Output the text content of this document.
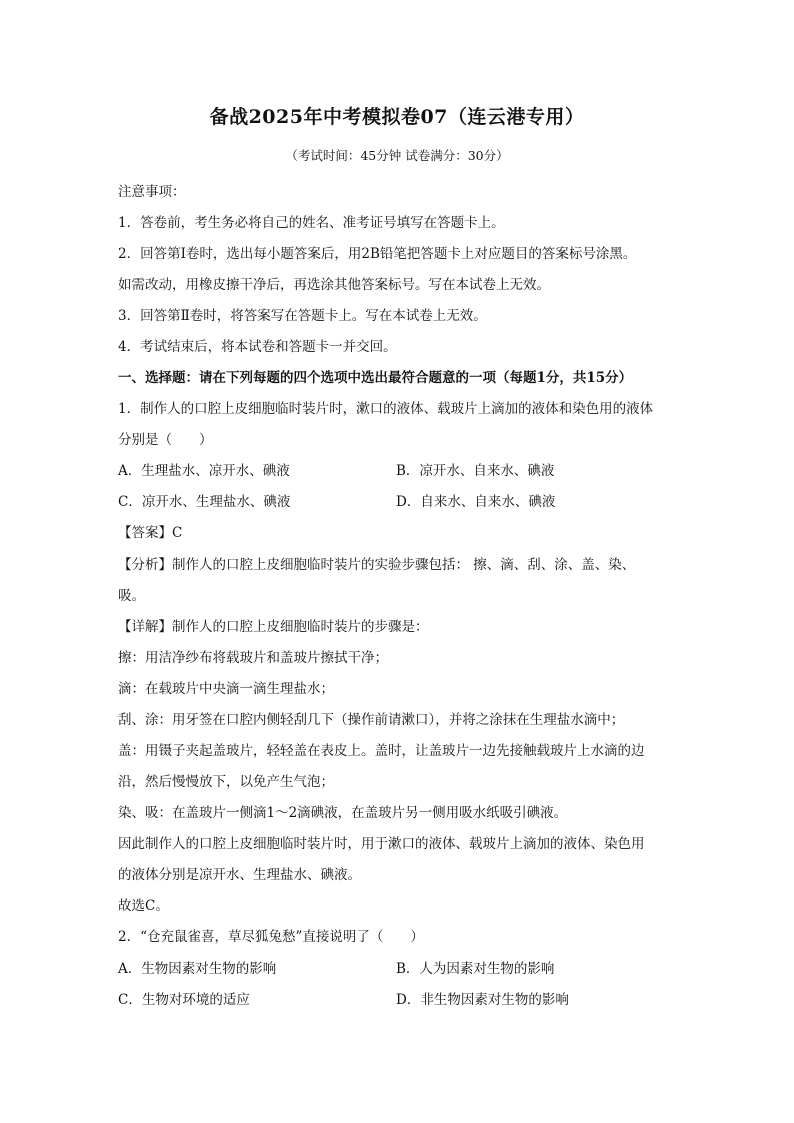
备战2025年中考模拟卷07（连云港专用）
（考试时间：45分钟 试卷满分：30分）
注意事项：
1．答卷前，考生务必将自己的姓名、准考证号填写在答题卡上。
2．回答第Ⅰ卷时，选出每小题答案后，用2B铅笔把答题卡上对应题目的答案标号涂黑。
如需改动，用橡皮擦干净后，再选涂其他答案标号。写在本试卷上无效。
3．回答第Ⅱ卷时，将答案写在答题卡上。写在本试卷上无效。
4．考试结束后，将本试卷和答题卡一并交回。
一、选择题：请在下列每题的四个选项中选出最符合题意的一项（每题1分，共15分）
1．制作人的口腔上皮细胞临时装片时，漱口的液体、载玻片上滴加的液体和染色用的液体
分别是（　　）
A．生理盐水、凉开水、碘液	B．凉开水、自来水、碘液
C．凉开水、生理盐水、碘液	D．自来水、自来水、碘液
【答案】C
【分析】制作人的口腔上皮细胞临时装片的实验步骤包括： 擦、滴、刮、涂、盖、染、
吸。
【详解】制作人的口腔上皮细胞临时装片的步骤是：
擦：用洁净纱布将载玻片和盖玻片擦拭干净；
滴：在载玻片中央滴一滴生理盐水；
刮、涂：用牙签在口腔内侧轻刮几下（操作前请漱口），并将之涂抹在生理盐水滴中；
盖：用镊子夹起盖玻片，轻轻盖在表皮上。盖时，让盖玻片一边先接触载玻片上水滴的边
沿，然后慢慢放下，以免产生气泡；
染、吸：在盖玻片一侧滴1～2滴碘液，在盖玻片另一侧用吸水纸吸引碘液。
因此制作人的口腔上皮细胞临时装片时，用于漱口的液体、载玻片上滴加的液体、染色用
的液体分别是凉开水、生理盐水、碘液。
故选C。
2．“仓充鼠雀喜，草尽狐兔愁”直接说明了（　　）
A．生物因素对生物的影响	B．人为因素对生物的影响
C．生物对环境的适应	D．非生物因素对生物的影响
